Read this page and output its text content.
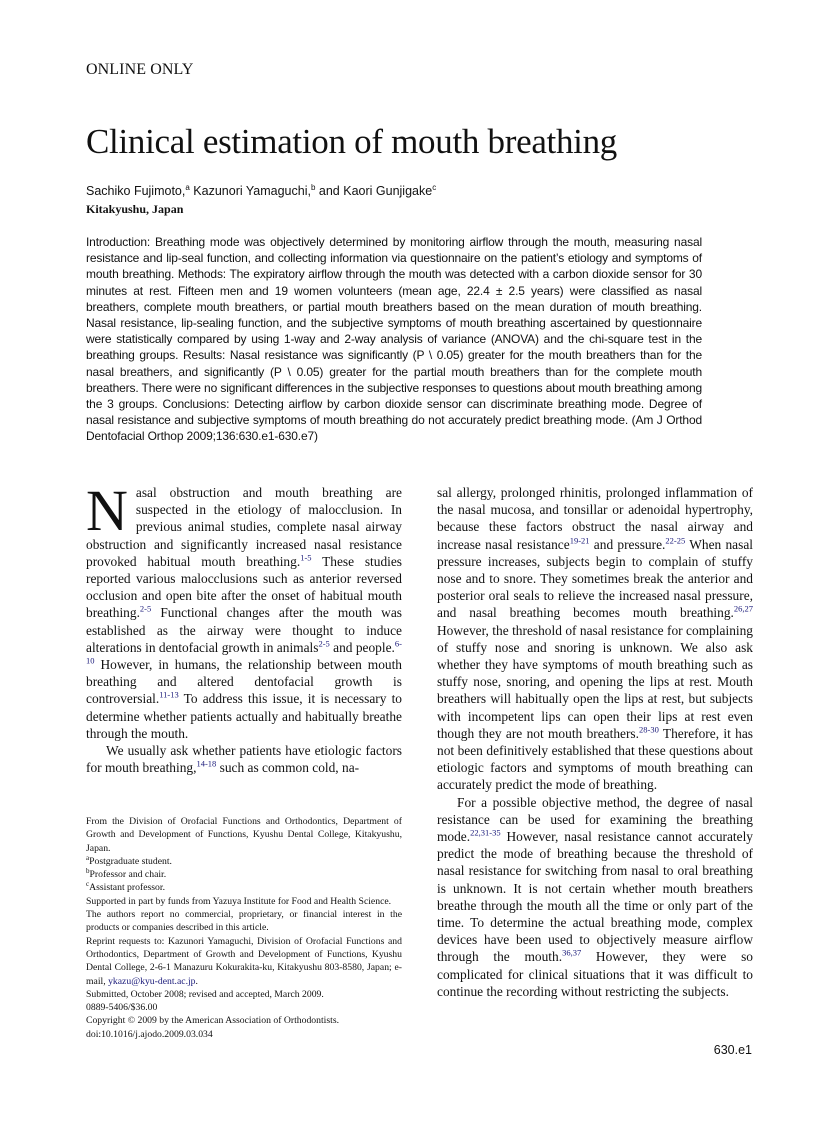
ONLINE ONLY
Clinical estimation of mouth breathing
Sachiko Fujimoto,$^a$ Kazunori Yamaguchi,$^b$ and Kaori Gunjigake$^c$
Kitakyushu, Japan

Introduction: Breathing mode was objectively determined by monitoring airflow through the mouth, measuring nasal resistance and lip-seal function, and collecting information via questionnaire on the patient’s etiology and symptoms of mouth breathing. Methods: The expiratory airflow through the mouth was detected with a carbon dioxide sensor for 30 minutes at rest. Fifteen men and 19 women volunteers (mean age, 22.4 ± 2.5 years) were classified as nasal breathers, complete mouth breathers, or partial mouth breathers based on the mean duration of mouth breathing. Nasal resistance, lip-sealing function, and the subjective symptoms of mouth breathing ascertained by questionnaire were statistically compared by using 1-way and 2-way analysis of variance (ANOVA) and the chi-square test in the breathing groups. Results: Nasal resistance was significantly (P \ 0.05) greater for the mouth breathers than for the nasal breathers, and significantly (P \ 0.05) greater for the partial mouth breathers than for the complete mouth breathers. There were no significant differences in the subjective responses to questions about mouth breathing among the 3 groups. Conclusions: Detecting airflow by carbon dioxide sensor can discriminate breathing mode. Degree of nasal resistance and subjective symptoms of mouth breathing do not accurately predict breathing mode. (Am J Orthod Dentofacial Orthop 2009;136:630.e1-630.e7)

Nasal obstruction and mouth breathing are suspected in the etiology of malocclusion. In previous animal studies, complete nasal airway obstruction and significantly increased nasal resistance provoked habitual mouth breathing.$^{1-5}$ These studies reported various malocclusions such as anterior reversed occlusion and open bite after the onset of habitual mouth breathing.$^{2-5}$ Functional changes after the mouth was established as the airway were thought to induce alterations in dentofacial growth in animals$^{2-5}$ and people.$^{6-10}$ However, in humans, the relationship between mouth breathing and altered dentofacial growth is controversial.$^{11-13}$ To address this issue, it is necessary to determine whether patients actually and habitually breathe through the mouth.

We usually ask whether patients have etiologic factors for mouth breathing,$^{14-18}$ such as common cold, na-

From the Division of Orofacial Functions and Orthodontics, Department of Growth and Development of Functions, Kyushu Dental College, Kitakyushu, Japan.

$^a$Postgraduate student.

$^b$Professor and chair.

$^c$Assistant professor.

Supported in part by funds from Yazuya Institute for Food and Health Science.

The authors report no commercial, proprietary, or financial interest in the products or companies described in this article.

Reprint requests to: Kazunori Yamaguchi, Division of Orofacial Functions and Orthodontics, Department of Growth and Development of Functions, Kyushu Dental College, 2-6-1 Manazuru Kokurakita-ku, Kitakyushu 803-8580, Japan; e-mail, ykazu@kyu-dent.ac.jp.

Submitted, October 2008; revised and accepted, March 2009.

0889-5406/$36.00

Copyright © 2009 by the American Association of Orthodontists.

doi:10.1016/j.ajodo.2009.03.034

sal allergy, prolonged rhinitis, prolonged inflammation of the nasal mucosa, and tonsillar or adenoidal hypertrophy, because these factors obstruct the nasal airway and increase nasal resistance$^{19-21}$ and pressure.$^{22-25}$ When nasal pressure increases, subjects begin to complain of stuffy nose and to snore. They sometimes break the anterior and posterior oral seals to relieve the increased nasal pressure, and nasal breathing becomes mouth breathing.$^{26,27}$ However, the threshold of nasal resistance for complaining of stuffy nose and snoring is unknown. We also ask whether they have symptoms of mouth breathing such as stuffy nose, snoring, and opening the lips at rest. Mouth breathers will habitually open the lips at rest, but subjects with incompetent lips can open their lips at rest even though they are not mouth breathers.$^{28-30}$ Therefore, it has not been definitively established that these questions about etiologic factors and symptoms of mouth breathing can accurately predict the mode of breathing.

For a possible objective method, the degree of nasal resistance can be used for examining the breathing mode.$^{22,31-35}$ However, nasal resistance cannot accurately predict the mode of breathing because the threshold of nasal resistance for switching from nasal to oral breathing is unknown. It is not certain whether mouth breathers breathe through the mouth all the time or only part of the time. To determine the actual breathing mode, complex devices have been used to objectively measure airflow through the mouth.$^{36,37}$ However, they were so complicated for clinical situations that it was difficult to continue the recording without restricting the subjects.

630.e1
